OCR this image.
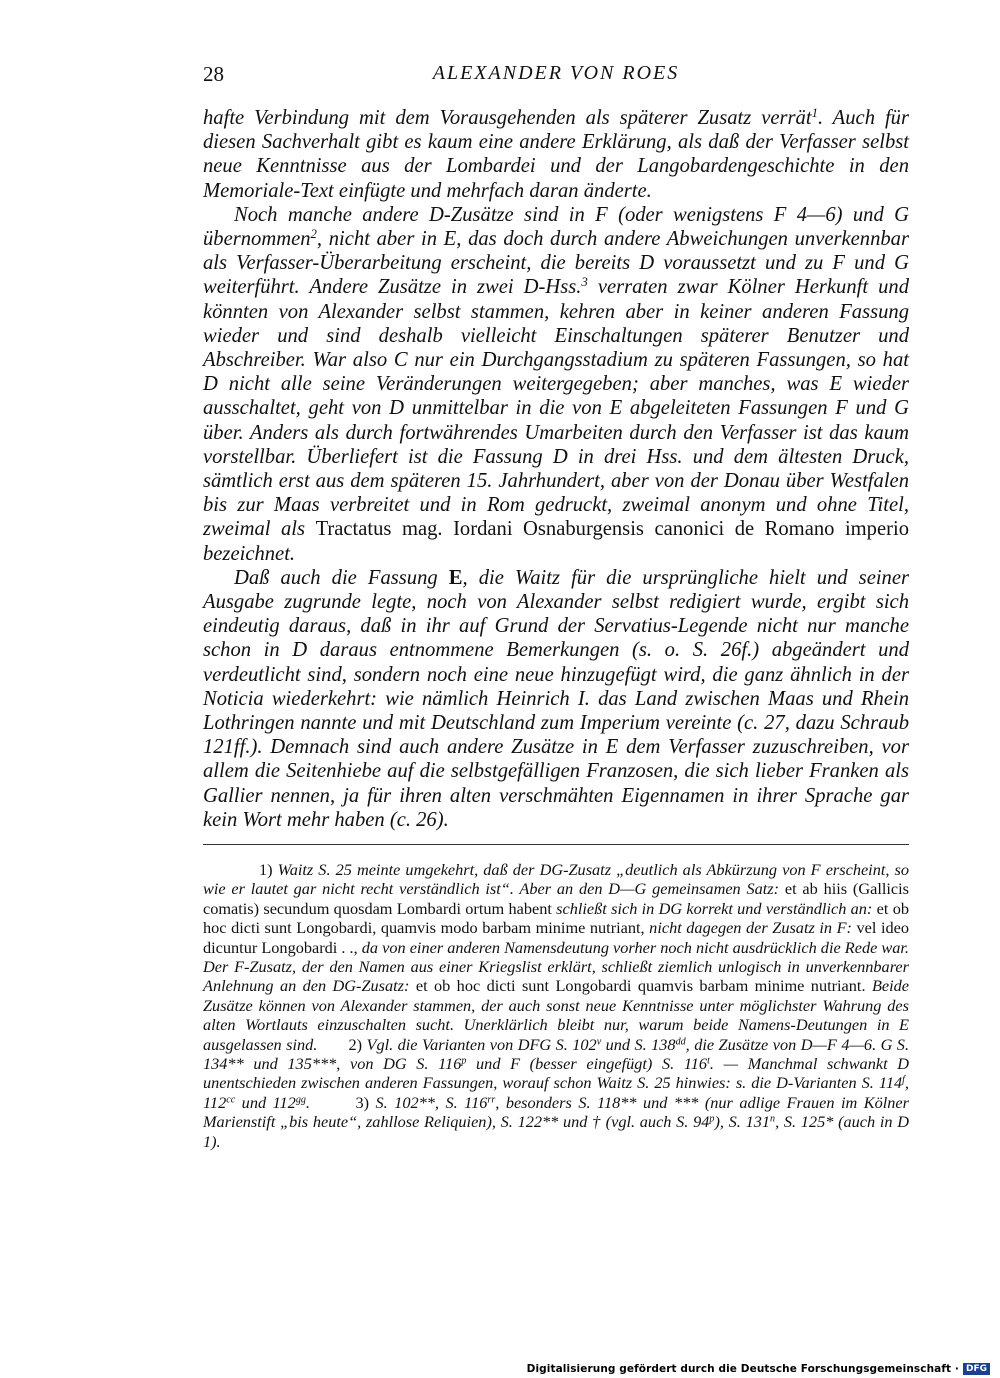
28	ALEXANDER VON ROES

hafte Verbindung mit dem Vorausgehenden als späterer Zusatz verrät$^1$. Auch für diesen Sachverhalt gibt es kaum eine andere Erklärung, als daß der Verfasser selbst neue Kenntnisse aus der Lombardei und der Langobardengeschichte in den Memoriale-Text einfügte und mehrfach daran änderte.

Noch manche andere D-Zusätze sind in F (oder wenigstens F 4—6) und G übernommen$^2$, nicht aber in E, das doch durch andere Abweichungen unverkennbar als Verfasser-Überarbeitung erscheint, die bereits D voraussetzt und zu F und G weiterführt. Andere Zusätze in zwei D-Hss.$^3$ verraten zwar Kölner Herkunft und könnten von Alexander selbst stammen, kehren aber in keiner anderen Fassung wieder und sind deshalb vielleicht Einschaltungen späterer Benutzer und Abschreiber. War also C nur ein Durchgangsstadium zu späteren Fassungen, so hat D nicht alle seine Veränderungen weitergegeben; aber manches, was E wieder ausschaltet, geht von D unmittelbar in die von E abgeleiteten Fassungen F und G über. Anders als durch fortwährendes Umarbeiten durch den Verfasser ist das kaum vorstellbar. Überliefert ist die Fassung D in drei Hss. und dem ältesten Druck, sämtlich erst aus dem späteren 15. Jahrhundert, aber von der Donau über Westfalen bis zur Maas verbreitet und in Rom gedruckt, zweimal anonym und ohne Titel, zweimal als Tractatus mag. Iordani Osnaburgensis canonici de Romano imperio bezeichnet.

Daß auch die Fassung E, die Waitz für die ursprüngliche hielt und seiner Ausgabe zugrunde legte, noch von Alexander selbst redigiert wurde, ergibt sich eindeutig daraus, daß in ihr auf Grund der Servatius-Legende nicht nur manche schon in D daraus entnommene Bemerkungen (s. o. S. 26f.) abgeändert und verdeutlicht sind, sondern noch eine neue hinzugefügt wird, die ganz ähnlich in der Noticia wiederkehrt: wie nämlich Heinrich I. das Land zwischen Maas und Rhein Lothringen nannte und mit Deutschland zum Imperium vereinte (c. 27, dazu Schraub 121ff.). Demnach sind auch andere Zusätze in E dem Verfasser zuzuschreiben, vor allem die Seitenhiebe auf die selbstgefälligen Franzosen, die sich lieber Franken als Gallier nennen, ja für ihren alten verschmähten Eigennamen in ihrer Sprache gar kein Wort mehr haben (c. 26).

1) Waitz S. 25 meinte umgekehrt, daß der DG-Zusatz „deutlich als Abkürzung von F erscheint, so wie er lautet gar nicht recht verständlich ist“. Aber an den D—G gemeinsamen Satz: et ab hiis (Gallicis comatis) secundum quosdam Lombardi ortum habent schließt sich in DG korrekt und verständlich an: et ob hoc dicti sunt Longobardi, quamvis modo barbam minime nutriant, nicht dagegen der Zusatz in F: vel ideo dicuntur Longobardi . ., da von einer anderen Namensdeutung vorher noch nicht ausdrücklich die Rede war. Der F-Zusatz, der den Namen aus einer Kriegslist erklärt, schließt ziemlich unlogisch in unverkennbarer Anlehnung an den DG-Zusatz: et ob hoc dicti sunt Longobardi quamvis barbam minime nutriant. Beide Zusätze können von Alexander stammen, der auch sonst neue Kenntnisse unter möglichster Wahrung des alten Wortlauts einzuschalten sucht. Unerklärlich bleibt nur, warum beide Namens-Deutungen in E ausgelassen sind. 2) Vgl. die Varianten von DFG S. 102$^v$ und S. $138^{dd}$, die Zusätze von D—F 4—6. G S. 134** und 135***, von DG S. 116$^p$ und F (besser eingefügt) S. 116$^t$. — Manchmal schwankt D unentschieden zwischen anderen Fassungen, worauf schon Waitz S. 25 hinwies: s. die D-Varianten S. 114$^f$, $112^{cc}$ und $112^{gg}$.	3) S. 102**, S. $116^{rr}$, besonders S. 118** und *** (nur adlige Frauen im Kölner Marienstift „bis heute“, zahllose Reliquien), S. 122** und † (vgl. auch S. 94$^p$), S. 131$^n$, S. 125* (auch in D 1).

Digitalisierung gefördert durch die Deutsche Forschungsgemeinschaft · DFG
